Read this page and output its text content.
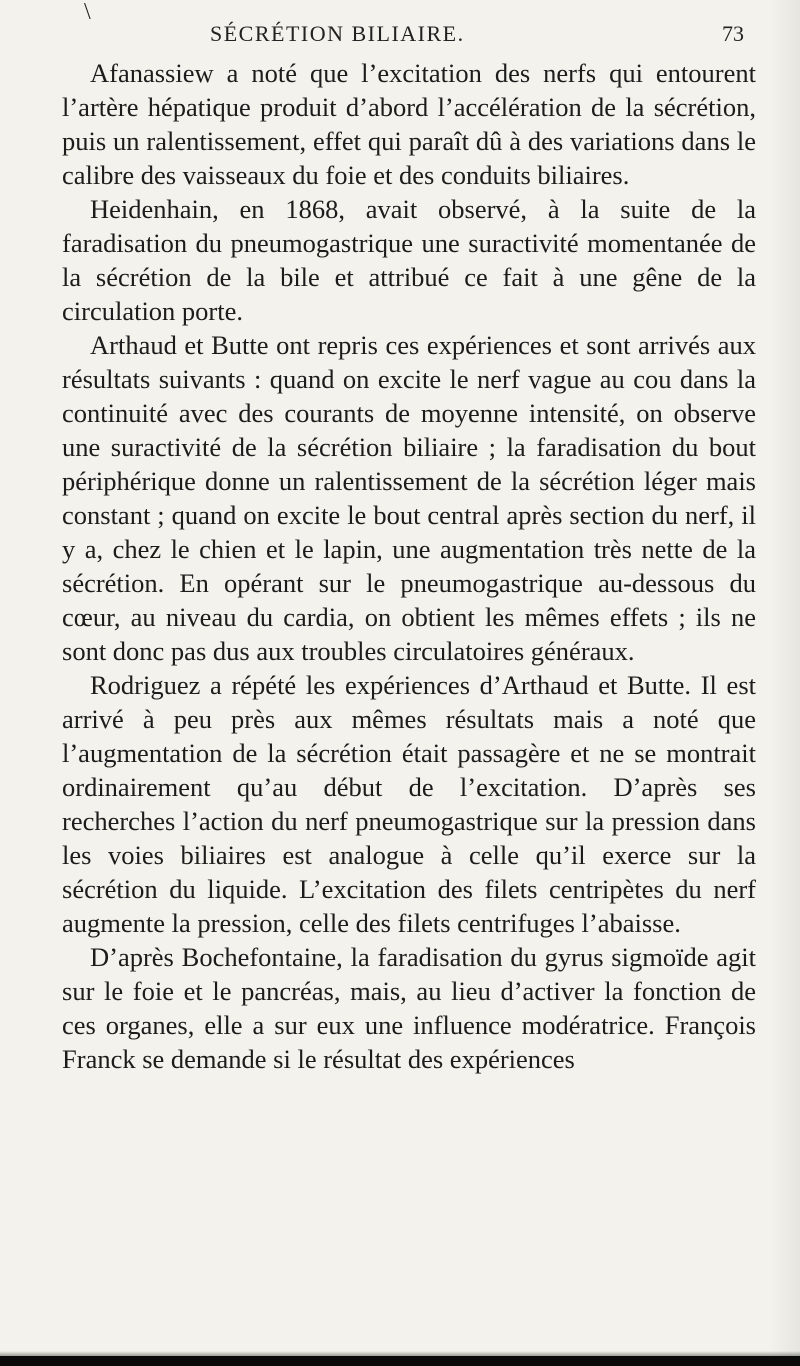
\
SÉCRÉTION BILIAIRE.	73

Afanassiew a noté que l’excitation des nerfs qui entourent l’artère hépatique produit d’abord l’accélération de la sécrétion, puis un ralentissement, effet qui paraît dû à des variations dans le calibre des vaisseaux du foie et des conduits biliaires.

Heidenhain, en 1868, avait observé, à la suite de la faradisation du pneumogastrique une suractivité momentanée de la sécrétion de la bile et attribué ce fait à une gêne de la circulation porte.

Arthaud et Butte ont repris ces expériences et sont arrivés aux résultats suivants : quand on excite le nerf vague au cou dans la continuité avec des courants de moyenne intensité, on observe une suractivité de la sécrétion biliaire ; la faradisation du bout périphérique donne un ralentissement de la sécrétion léger mais constant ; quand on excite le bout central après section du nerf, il y a, chez le chien et le lapin, une augmentation très nette de la sécrétion. En opérant sur le pneumogastrique au-dessous du cœur, au niveau du cardia, on obtient les mêmes effets ; ils ne sont donc pas dus aux troubles circulatoires généraux.

Rodriguez a répété les expériences d’Arthaud et Butte. Il est arrivé à peu près aux mêmes résultats mais a noté que l’augmentation de la sécrétion était passagère et ne se montrait ordinairement qu’au début de l’excitation. D’après ses recherches l’action du nerf pneumogastrique sur la pression dans les voies biliaires est analogue à celle qu’il exerce sur la sécrétion du liquide. L’excitation des filets centripètes du nerf augmente la pression, celle des filets centrifuges l’abaisse.

D’après Bochefontaine, la faradisation du gyrus sigmoïde agit sur le foie et le pancréas, mais, au lieu d’activer la fonction de ces organes, elle a sur eux une influence modératrice. François Franck se demande si le résultat des expériences
